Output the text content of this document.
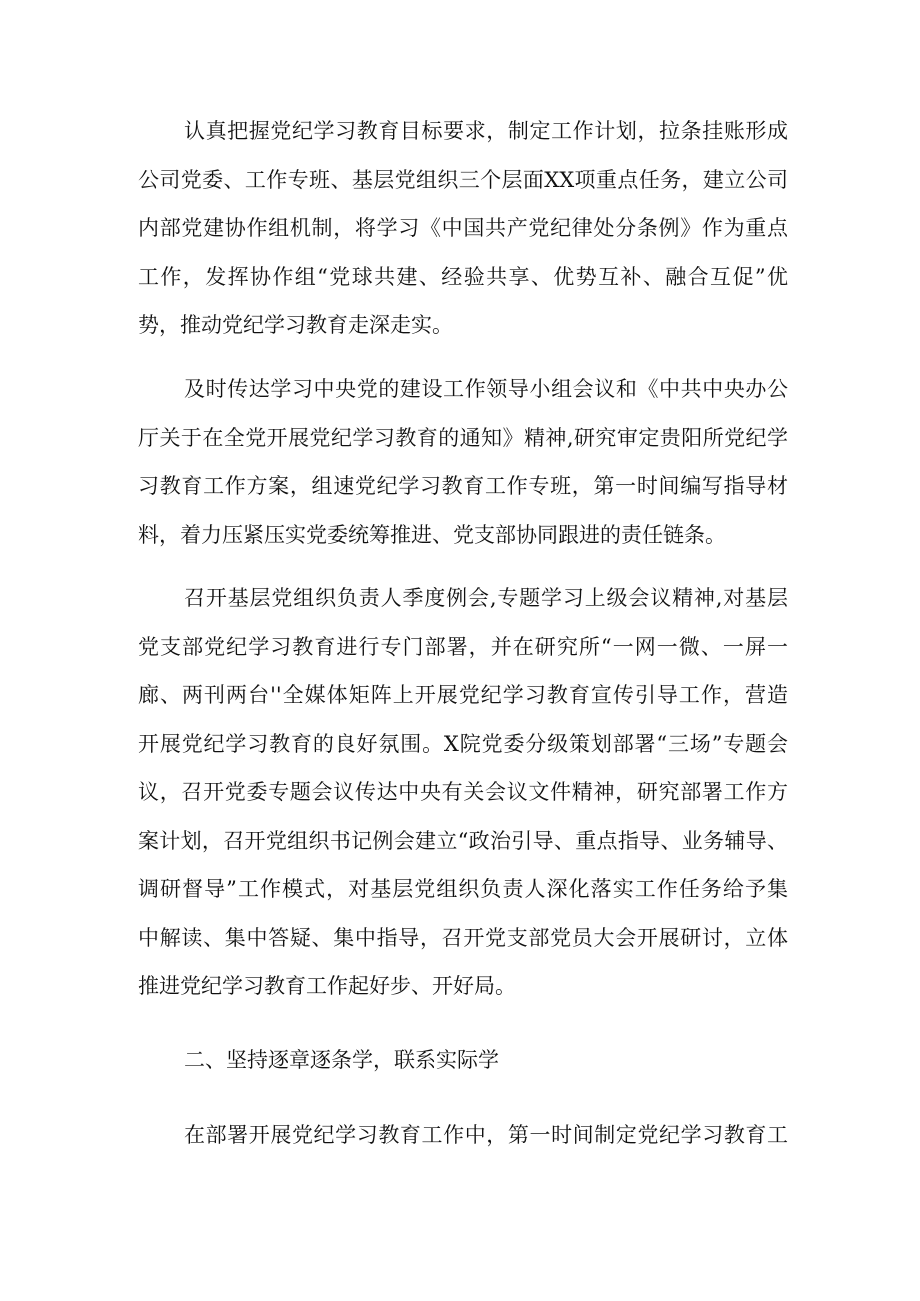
认真把握党纪学习教育目标要求，制定工作计划，拉条挂账形成
公司党委、工作专班、基层党组织三个层面XX项重点任务，建立公司
内部党建协作组机制，将学习《中国共产党纪律处分条例》作为重点
工作，发挥协作组“党球共建、经验共享、优势互补、融合互促”优
势，推动党纪学习教育走深走实。
及时传达学习中央党的建设工作领导小组会议和《中共中央办公
厅关于在全党开展党纪学习教育的通知》精神,研究审定贵阳所党纪学
习教育工作方案，组速党纪学习教育工作专班，第一时间编写指导材
料，着力压紧压实党委统筹推进、党支部协同跟进的责任链条。
召开基层党组织负责人季度例会,专题学习上级会议精神,对基层
党支部党纪学习教育进行专门部署，并在研究所“一网一微、一屏一
廊、两刊两台''全媒体矩阵上开展党纪学习教育宣传引导工作，营造
开展党纪学习教育的良好氛围。X院党委分级策划部署“三场”专题会
议，召开党委专题会议传达中央有关会议文件精神，研究部署工作方
案计划，召开党组织书记例会建立“政治引导、重点指导、业务辅导、
调研督导”工作模式，对基层党组织负责人深化落实工作任务给予集
中解读、集中答疑、集中指导，召开党支部党员大会开展研讨，立体
推进党纪学习教育工作起好步、开好局。
二、坚持逐章逐条学，联系实际学
在部署开展党纪学习教育工作中，第一时间制定党纪学习教育工
